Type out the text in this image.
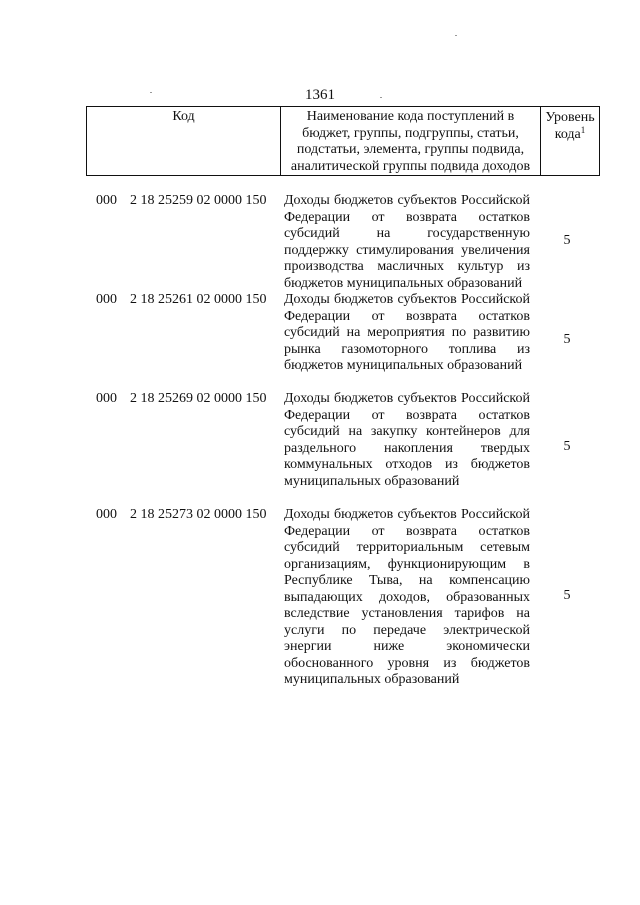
1361
Код	Наименование кода поступлений в бюджет, группы, подгруппы, статьи, подстатьи, элемента, группы подвида, аналитической группы подвида доходов
Уровень кода$^1$
000 2 18 25259 02 0000 150 Доходы бюджетов субъектов Российской Федерации от возврата остатков субсидий на государственную поддержку стимулирования увеличения производства масличных культур из бюджетов муниципальных образований
5
000 2 18 25261 02 0000 150 Доходы бюджетов субъектов Российской Федерации от возврата остатков субсидий на мероприятия по развитию рынка газомоторного топлива из бюджетов муниципальных образований
5
000 2 18 25269 02 0000 150 Доходы бюджетов субъектов Российской Федерации от возврата остатков субсидий на закупку контейнеров для раздельного накопления твердых коммунальных отходов из бюджетов муниципальных образований
5
000 2 18 25273 02 0000 150 Доходы бюджетов субъектов Российской Федерации от возврата остатков субсидий территориальным сетевым организациям, функционирующим в Республике Тыва, на компенсацию выпадающих доходов, образованных вследствие установления тарифов на услуги по передаче электрической энергии ниже экономически обоснованного уровня из бюджетов муниципальных образований
5
